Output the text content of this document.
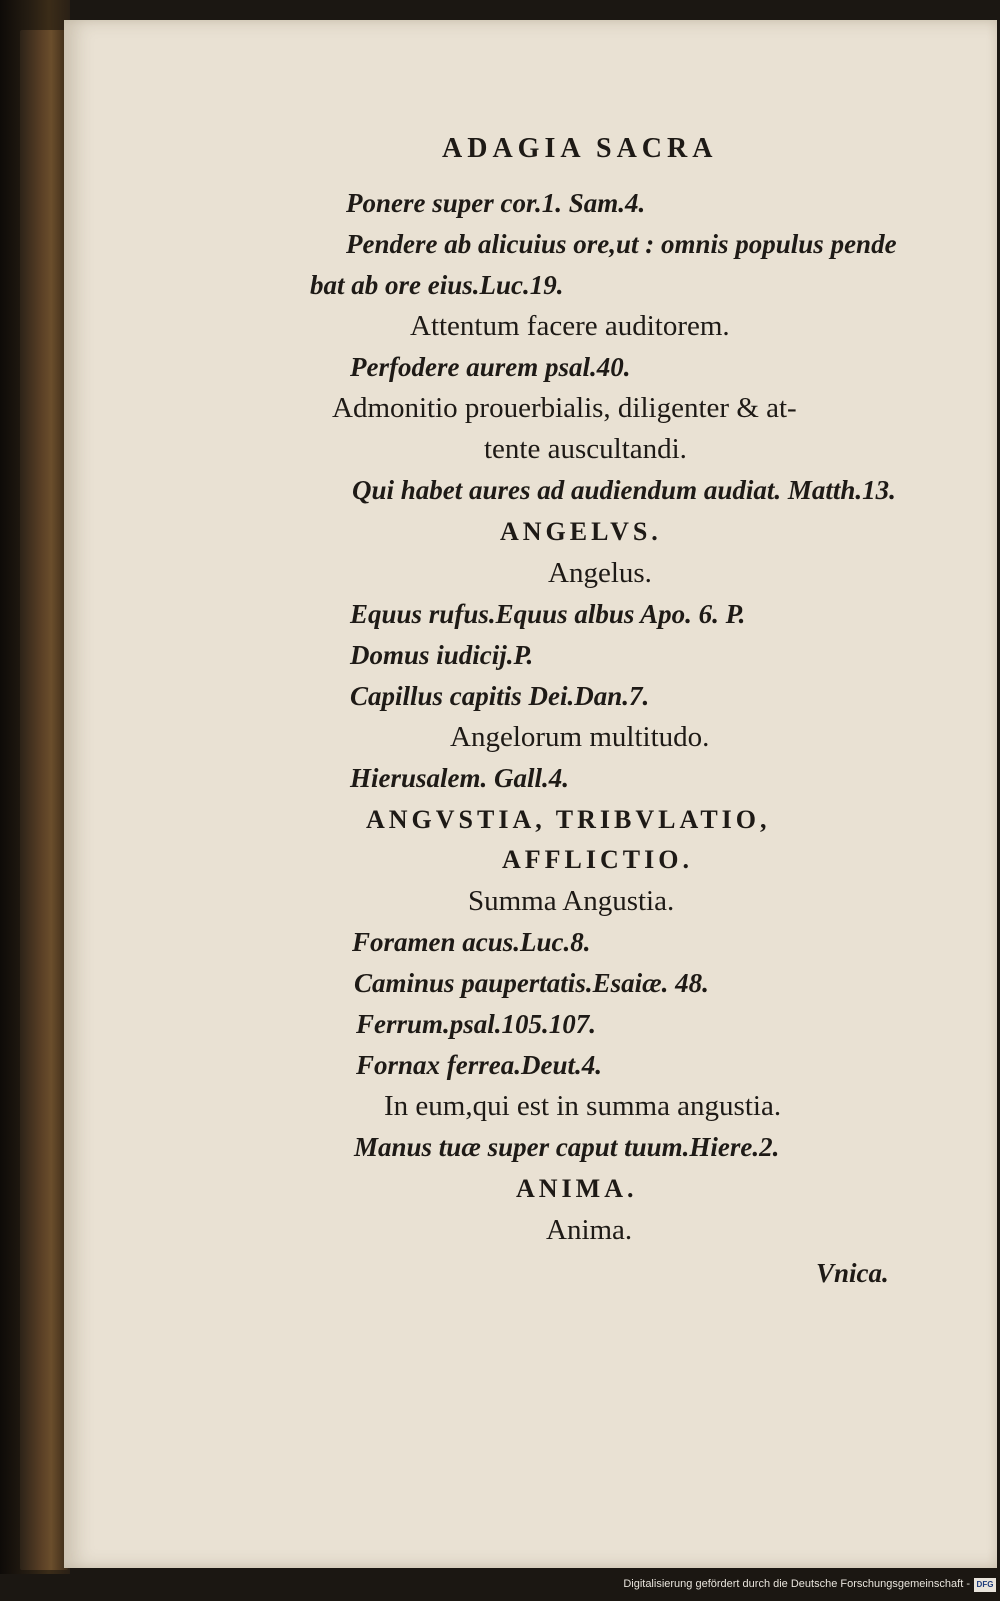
ADAGIA SACRA
Ponere super cor.1. Sam.4.
Pendere ab alicuius ore,ut : omnis populus pende
bat ab ore eius.Luc.19.
Attentum facere auditorem.
Perfodere aurem psal.40.
Admonitio prouerbialis, diligenter & at-
tente auscultandi.
Qui habet aures ad audiendum audiat. Matth.13.
ANGELVS.
Angelus.
Equus rufus.Equus albus Apo. 6. P.
Domus iudicij.P.
Capillus capitis Dei.Dan.7.
Angelorum multitudo.
Hierusalem. Gall.4.
ANGVSTIA, TRIBVLATIO,
AFFLICTIO.
Summa Angustia.
Foramen acus.Luc.8.
Caminus paupertatis.Esaiæ. 48.
Ferrum.psal.105.107.
Fornax ferrea.Deut.4.
In eum,qui est in summa angustia.
Manus tuæ super caput tuum.Hiere.2.
ANIMA.
Anima.
Vnica.
Digitalisierung gefördert durch die Deutsche Forschungsgemeinschaft - DFG
